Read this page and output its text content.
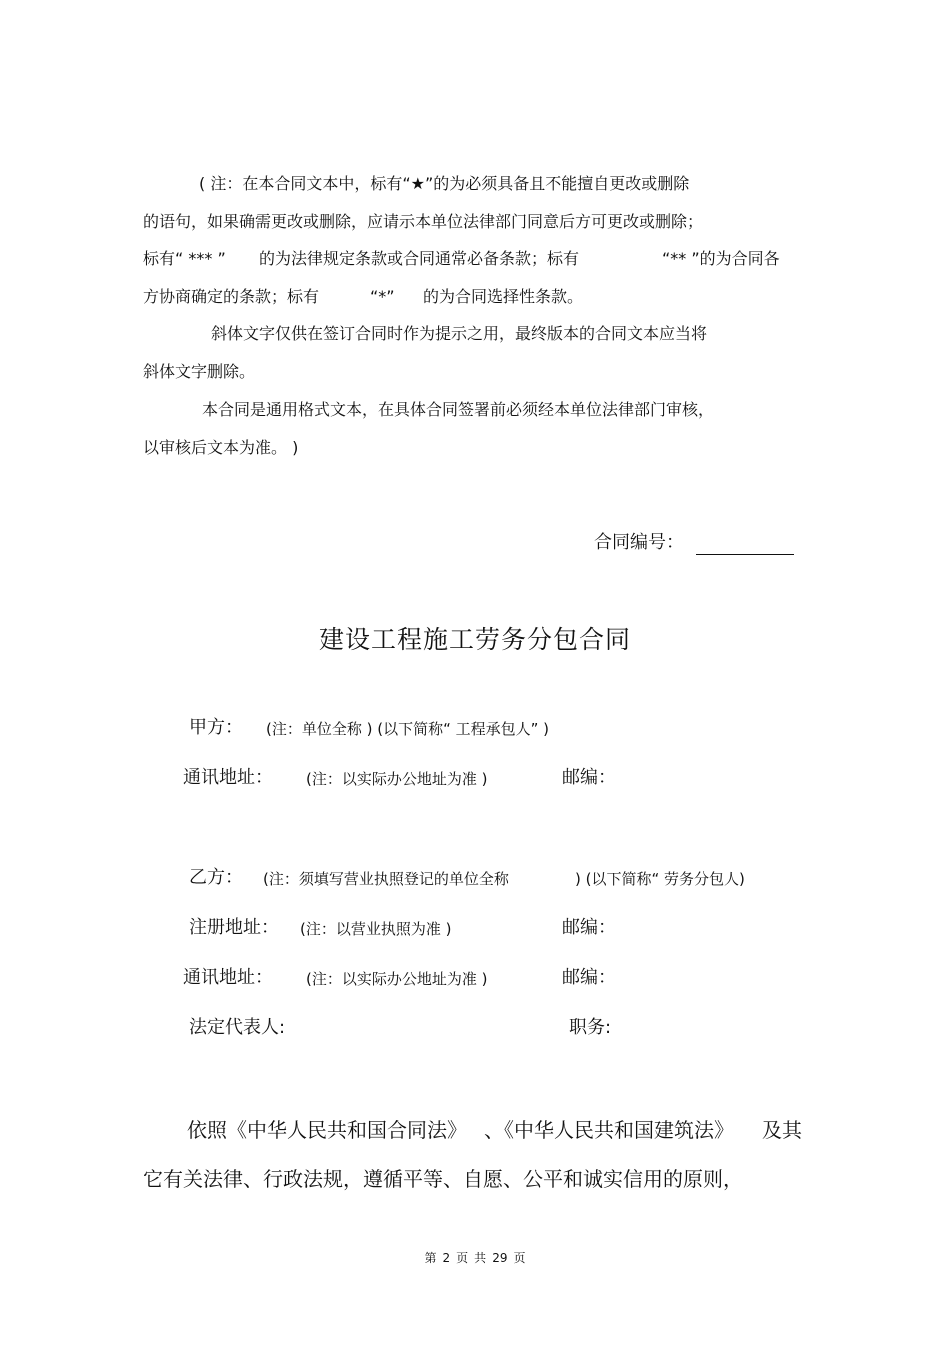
( 注：在本合同文本中，标有“★”的为必须具备且不能擅自更改或删除
的语句，如果确需更改或删除，应请示本单位法律部门同意后方可更改或删除；
标有“ *** ” 的为法律规定条款或合同通常必备条款；标有	“** ”的为合同各
方协商确定的条款；标有	“*” 的为合同选择性条款。
斜体文字仅供在签订合同时作为提示之用，最终版本的合同文本应当将
斜体文字删除。
本合同是通用格式文本，在具体合同签署前必须经本单位法律部门审核，
以审核后文本为准。 )
合同编号：
建设工程施工劳务分包合同
甲方： (注：单位全称 ) (以下简称“ 工程承包人” )
通讯地址： (注：以实际办公地址为准 )	邮编：
乙方： (注：须填写营业执照登记的单位全称	) (以下简称“ 劳务分包人)
注册地址： (注：以营业执照为准 )	邮编：
通讯地址： (注：以实际办公地址为准 )	邮编：
法定代表人:	职务:
依照《中华人民共和国合同法》 、《中华人民共和国建筑法》 及其
它有关法律、行政法规，遵循平等、自愿、公平和诚实信用的原则，
第 2 页 共 29 页
